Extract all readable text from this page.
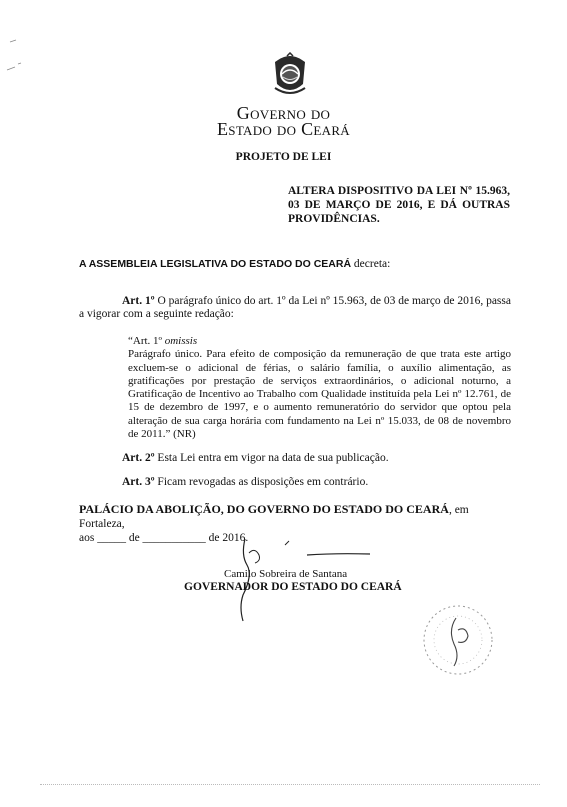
Governo do
Estado do Ceará
PROJETO DE LEI
ALTERA DISPOSITIVO DA LEI Nº 15.963, 03 DE MARÇO DE 2016, E DÁ OUTRAS PROVIDÊNCIAS.
A ASSEMBLEIA LEGISLATIVA DO ESTADO DO CEARÁ decreta:
Art. 1º O parágrafo único do art. 1º da Lei nº 15.963, de 03 de março de 2016, passa a vigorar com a seguinte redação:
“Art. 1º omissis
Parágrafo único. Para efeito de composição da remuneração de que trata este artigo excluem-se o adicional de férias, o salário família, o auxílio alimentação, as gratificações por prestação de serviços extraordinários, o adicional noturno, a Gratificação de Incentivo ao Trabalho com Qualidade instituída pela Lei nº 12.761, de 15 de dezembro de 1997, e o aumento remuneratório do servidor que optou pela alteração de sua carga horária com fundamento na Lei nº 15.033, de 08 de novembro de 2011.” (NR)
Art. 2º Esta Lei entra em vigor na data de sua publicação.
Art. 3º Ficam revogadas as disposições em contrário.
PALÁCIO DA ABOLIÇÃO, DO GOVERNO DO ESTADO DO CEARÁ, em Fortaleza,
aos _____ de ___________ de 2016.
Camilo Sobreira de Santana
GOVERNADOR DO ESTADO DO CEARÁ
